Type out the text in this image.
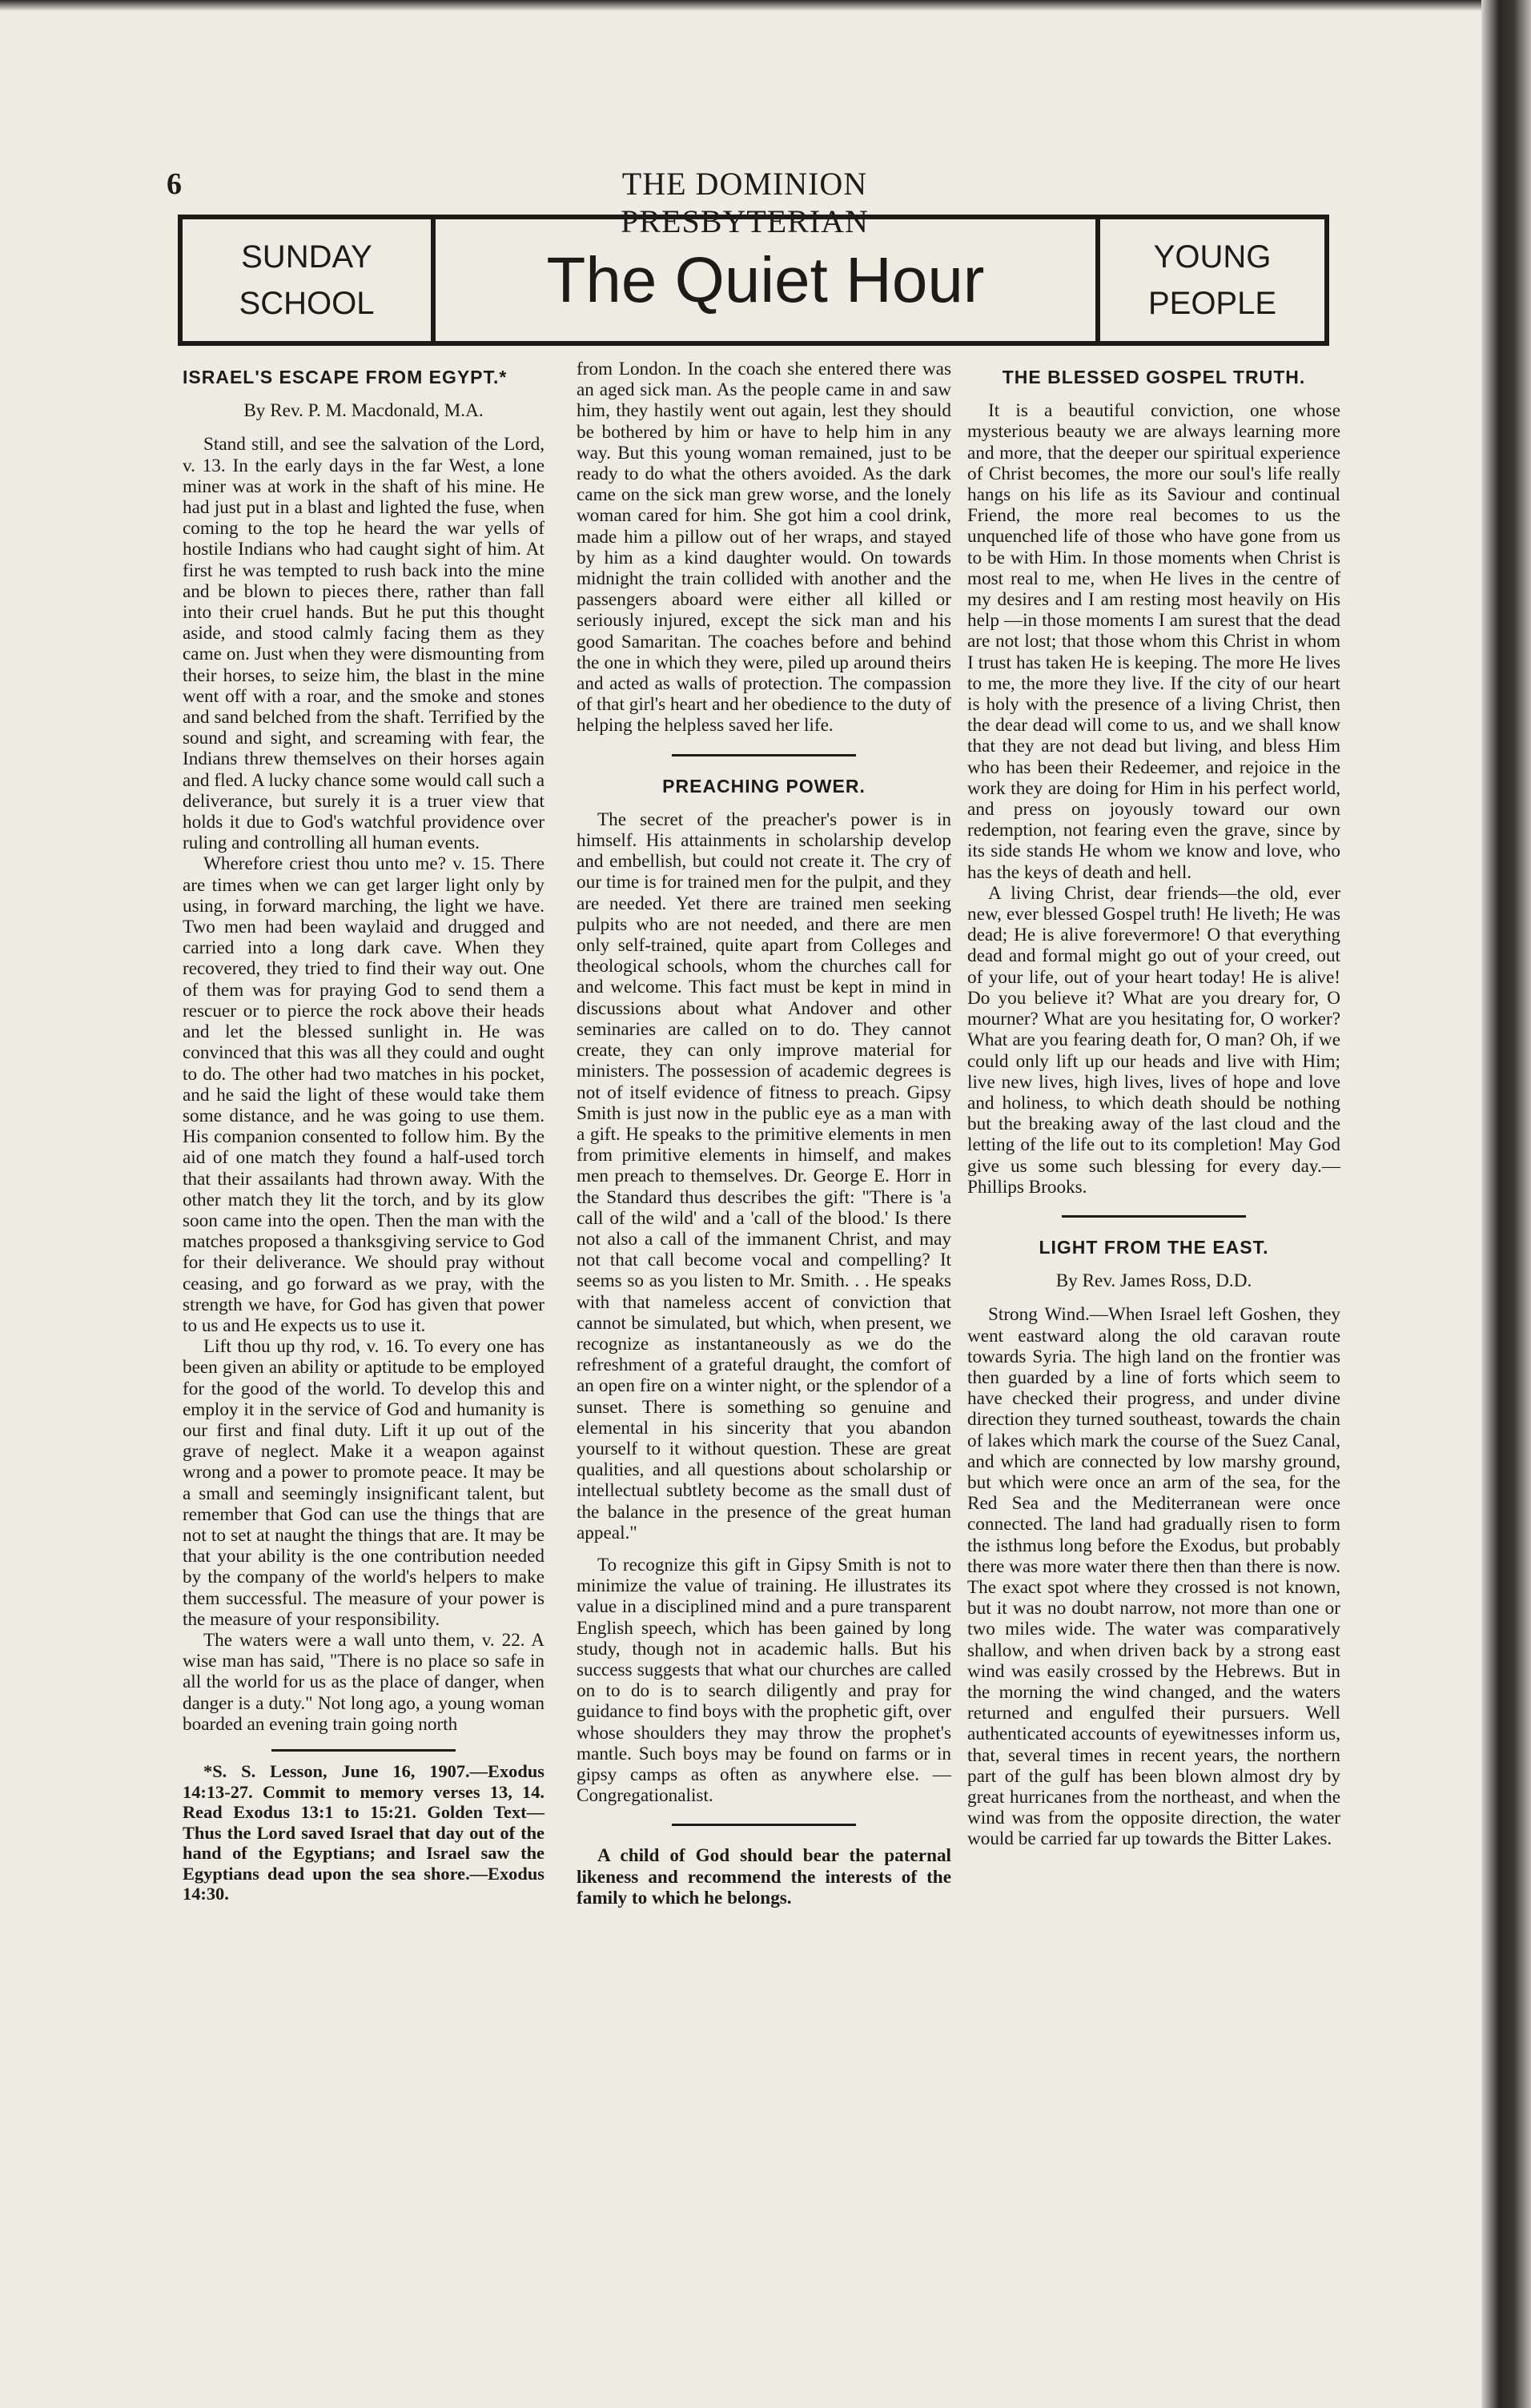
6	THE DOMINION PRESBYTERIAN
SUNDAY
SCHOOL	The Quiet Hour	YOUNG
PEOPLE
ISRAEL'S ESCAPE FROM EGYPT.*

By Rev. P. M. Macdonald, M.A.

Stand still, and see the salvation of the Lord, v. 13. In the early days in the far West, a lone miner was at work in the shaft of his mine. He had just put in a blast and lighted the fuse, when coming to the top he heard the war yells of hostile Indians who had caught sight of him. At first he was tempted to rush back into the mine and be blown to pieces there, rather than fall into their cruel hands. But he put this thought aside, and stood calmly facing them as they came on. Just when they were dismounting from their horses, to seize him, the blast in the mine went off with a roar, and the smoke and stones and sand belched from the shaft. Terrified by the sound and sight, and screaming with fear, the Indians threw themselves on their horses again and fled. A lucky chance some would call such a deliverance, but surely it is a truer view that holds it due to God's watchful providence over ruling and controlling all human events.

Wherefore criest thou unto me? v. 15. There are times when we can get larger light only by using, in forward marching, the light we have. Two men had been waylaid and drugged and carried into a long dark cave. When they recovered, they tried to find their way out. One of them was for praying God to send them a rescuer or to pierce the rock above their heads and let the blessed sunlight in. He was convinced that this was all they could and ought to do. The other had two matches in his pocket, and he said the light of these would take them some distance, and he was going to use them. His companion consented to follow him. By the aid of one match they found a half-used torch that their assailants had thrown away. With the other match they lit the torch, and by its glow soon came into the open. Then the man with the matches proposed a thanksgiving service to God for their deliverance. We should pray without ceasing, and go forward as we pray, with the strength we have, for God has given that power to us and He expects us to use it.

Lift thou up thy rod, v. 16. To every one has been given an ability or aptitude to be employed for the good of the world. To develop this and employ it in the service of God and humanity is our first and final duty. Lift it up out of the grave of neglect. Make it a weapon against wrong and a power to promote peace. It may be a small and seemingly insignificant talent, but remember that God can use the things that are not to set at naught the things that are. It may be that your ability is the one contribution needed by the company of the world's helpers to make them successful. The measure of your power is the measure of your responsibility.

The waters were a wall unto them, v. 22. A wise man has said, "There is no place so safe in all the world for us as the place of danger, when danger is a duty." Not long ago, a young woman boarded an evening train going north

*S. S. Lesson, June 16, 1907.—Exodus 14:13-27. Commit to memory verses 13, 14. Read Exodus 13:1 to 15:21. Golden Text—Thus the Lord saved Israel that day out of the hand of the Egyptians; and Israel saw the Egyptians dead upon the sea shore.—Exodus 14:30.

from London. In the coach she entered there was an aged sick man. As the people came in and saw him, they hastily went out again, lest they should be bothered by him or have to help him in any way. But this young woman remained, just to be ready to do what the others avoided. As the dark came on the sick man grew worse, and the lonely woman cared for him. She got him a cool drink, made him a pillow out of her wraps, and stayed by him as a kind daughter would. On towards midnight the train collided with another and the passengers aboard were either all killed or seriously injured, except the sick man and his good Samaritan. The coaches before and behind the one in which they were, piled up around theirs and acted as walls of protection. The compassion of that girl's heart and her obedience to the duty of helping the helpless saved her life.

PREACHING POWER.

The secret of the preacher's power is in himself. His attainments in scholarship develop and embellish, but could not create it. The cry of our time is for trained men for the pulpit, and they are needed. Yet there are trained men seeking pulpits who are not needed, and there are men only self-trained, quite apart from Colleges and theological schools, whom the churches call for and welcome. This fact must be kept in mind in discussions about what Andover and other seminaries are called on to do. They cannot create, they can only improve material for ministers. The possession of academic degrees is not of itself evidence of fitness to preach. Gipsy Smith is just now in the public eye as a man with a gift. He speaks to the primitive elements in men from primitive elements in himself, and makes men preach to themselves. Dr. George E. Horr in the Standard thus describes the gift: "There is 'a call of the wild' and a 'call of the blood.' Is there not also a call of the immanent Christ, and may not that call become vocal and compelling? It seems so as you listen to Mr. Smith. . . He speaks with that nameless accent of conviction that cannot be simulated, but which, when present, we recognize as instantaneously as we do the refreshment of a grateful draught, the comfort of an open fire on a winter night, or the splendor of a sunset. There is something so genuine and elemental in his sincerity that you abandon yourself to it without question. These are great qualities, and all questions about scholarship or intellectual subtlety become as the small dust of the balance in the presence of the great human appeal."

To recognize this gift in Gipsy Smith is not to minimize the value of training. He illustrates its value in a disciplined mind and a pure transparent English speech, which has been gained by long study, though not in academic halls. But his success suggests that what our churches are called on to do is to search diligently and pray for guidance to find boys with the prophetic gift, over whose shoulders they may throw the prophet's mantle. Such boys may be found on farms or in gipsy camps as often as anywhere else. —Congregationalist.

A child of God should bear the paternal likeness and recommend the interests of the family to which he belongs.

THE BLESSED GOSPEL TRUTH.

It is a beautiful conviction, one whose mysterious beauty we are always learning more and more, that the deeper our spiritual experience of Christ becomes, the more our soul's life really hangs on his life as its Saviour and continual Friend, the more real becomes to us the unquenched life of those who have gone from us to be with Him. In those moments when Christ is most real to me, when He lives in the centre of my desires and I am resting most heavily on His help —in those moments I am surest that the dead are not lost; that those whom this Christ in whom I trust has taken He is keeping. The more He lives to me, the more they live. If the city of our heart is holy with the presence of a living Christ, then the dear dead will come to us, and we shall know that they are not dead but living, and bless Him who has been their Redeemer, and rejoice in the work they are doing for Him in his perfect world, and press on joyously toward our own redemption, not fearing even the grave, since by its side stands He whom we know and love, who has the keys of death and hell.

A living Christ, dear friends—the old, ever new, ever blessed Gospel truth! He liveth; He was dead; He is alive forevermore! O that everything dead and formal might go out of your creed, out of your life, out of your heart today! He is alive! Do you believe it? What are you dreary for, O mourner? What are you hesitating for, O worker? What are you fearing death for, O man? Oh, if we could only lift up our heads and live with Him; live new lives, high lives, lives of hope and love and holiness, to which death should be nothing but the breaking away of the last cloud and the letting of the life out to its completion! May God give us some such blessing for every day.—Phillips Brooks.

LIGHT FROM THE EAST.

By Rev. James Ross, D.D.

Strong Wind.—When Israel left Goshen, they went eastward along the old caravan route towards Syria. The high land on the frontier was then guarded by a line of forts which seem to have checked their progress, and under divine direction they turned southeast, towards the chain of lakes which mark the course of the Suez Canal, and which are connected by low marshy ground, but which were once an arm of the sea, for the Red Sea and the Mediterranean were once connected. The land had gradually risen to form the isthmus long before the Exodus, but probably there was more water there then than there is now. The exact spot where they crossed is not known, but it was no doubt narrow, not more than one or two miles wide. The water was comparatively shallow, and when driven back by a strong east wind was easily crossed by the Hebrews. But in the morning the wind changed, and the waters returned and engulfed their pursuers. Well authenticated accounts of eyewitnesses inform us, that, several times in recent years, the northern part of the gulf has been blown almost dry by great hurricanes from the northeast, and when the wind was from the opposite direction, the water would be carried far up towards the Bitter Lakes.
